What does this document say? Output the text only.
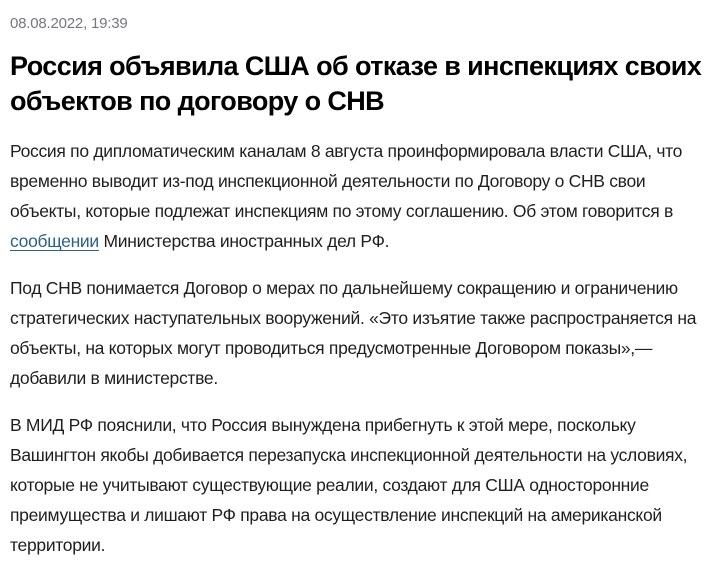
08.08.2022, 19:39
Россия объявила США об отказе в инспекциях своих объектов по договору о СНВ

Россия по дипломатическим каналам 8 августа проинформировала власти США, что временно выводит из-под инспекционной деятельности по Договору о СНВ свои объекты, которые подлежат инспекциям по этому соглашению. Об этом говорится в сообщении Министерства иностранных дел РФ.

Под СНВ понимается Договор о мерах по дальнейшему сокращению и ограничению стратегических наступательных вооружений. «Это изъятие также распространяется на объекты, на которых могут проводиться предусмотренные Договором показы»,— добавили в министерстве.

В МИД РФ пояснили, что Россия вынуждена прибегнуть к этой мере, поскольку Вашингтон якобы добивается перезапуска инспекционной деятельности на условиях, которые не учитывают существующие реалии, создают для США односторонние преимущества и лишают РФ права на осуществление инспекций на американской территории.
